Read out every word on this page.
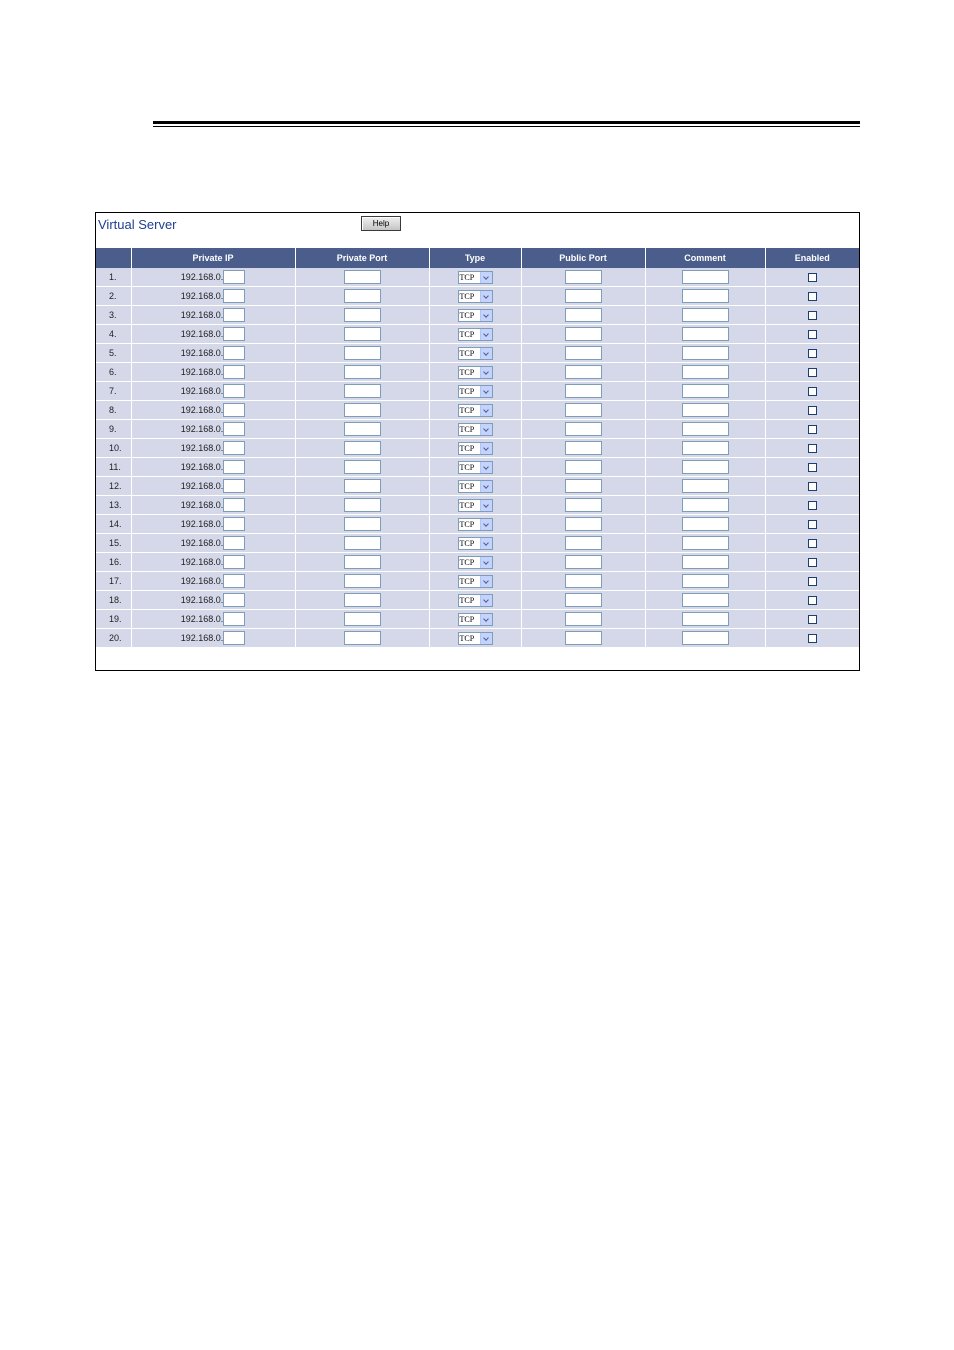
Virtual Server	Help
	Private IP	Private Port	Type	Public Port	Comment	Enabled
1.	192.168.0.		TCP			

2.	192.168.0.		TCP			

3.	192.168.0.		TCP			

4.	192.168.0.		TCP			

5.	192.168.0.		TCP			

6.	192.168.0.		TCP			

7.	192.168.0.		TCP			

8.	192.168.0.		TCP			

9.	192.168.0.		TCP			

10.	192.168.0.		TCP			

11.	192.168.0.		TCP			

12.	192.168.0.		TCP			

13.	192.168.0.		TCP			

14.	192.168.0.		TCP			

15.	192.168.0.		TCP			

16.	192.168.0.		TCP			

17.	192.168.0.		TCP			

18.	192.168.0.		TCP			

19.	192.168.0.		TCP			

20.	192.168.0.		TCP			
